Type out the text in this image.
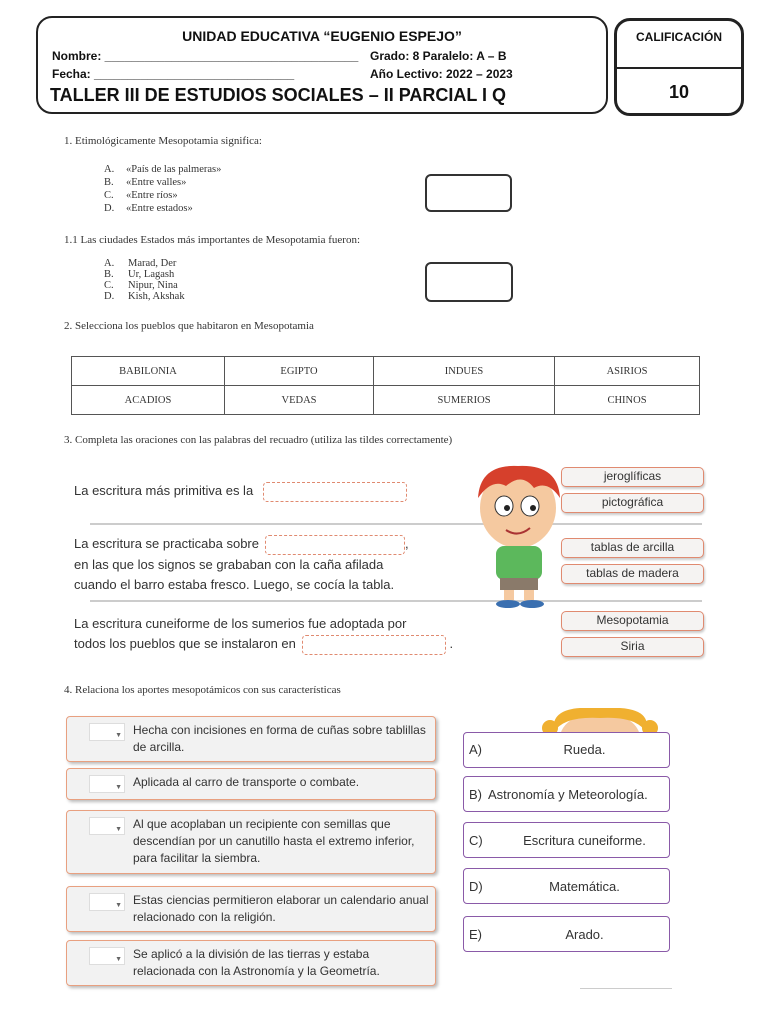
UNIDAD EDUCATIVA “EUGENIO ESPEJO”
Nombre: ______________________________________ Grado: 8 Paralelo: A – B
Fecha: ______________________________	Año Lectivo: 2022 – 2023
TALLER III DE ESTUDIOS SOCIALES – II PARCIAL I Q
CALIFICACIÓN
10
1. Etimológicamente Mesopotamia significa:
A. «País de las palmeras»
B. «Entre valles»
C. «Entre ríos»
D. «Entre estados»
1.1 Las ciudades Estados más importantes de Mesopotamia fueron:
A. Marad, Der
B. Ur, Lagash
C. Nipur, Nina
D. Kish, Akshak
2. Selecciona los pueblos que habitaron en Mesopotamia
BABILONIA	EGIPTO	INDUES	ASIRIOS
ACADIOS	VEDAS	SUMERIOS	CHINOS
3. Completa las oraciones con las palabras del recuadro (utiliza las tildes correctamente)
La escritura más primitiva es la
La escritura se practicaba sobre	,
en las que los signos se grababan con la caña afilada
cuando el barro estaba fresco. Luego, se cocía la tabla.
La escritura cuneiforme de los sumerios fue adoptada por
todos los pueblos que se instalaron en	.
jeroglíficas
pictográfica
tablas de arcilla
tablas de madera
Mesopotamia
Siria
4. Relaciona los aportes mesopotámicos con sus características
▼ Hecha con incisiones en forma de cuñas sobre tablillas de arcilla.
▼ Aplicada al carro de transporte o combate.
▼ Al que acoplaban un recipiente con semillas que descendían por un canutillo hasta el extremo inferior, para facilitar la siembra.
▼ Estas ciencias permitieron elaborar un calendario anual relacionado con la religión.
▼ Se aplicó a la división de las tierras y estaba relacionada con la Astronomía y la Geometría.
A)	Rueda.
B) Astronomía y Meteorología.
C)	Escritura cuneiforme.
D)	Matemática.
E)	Arado.
